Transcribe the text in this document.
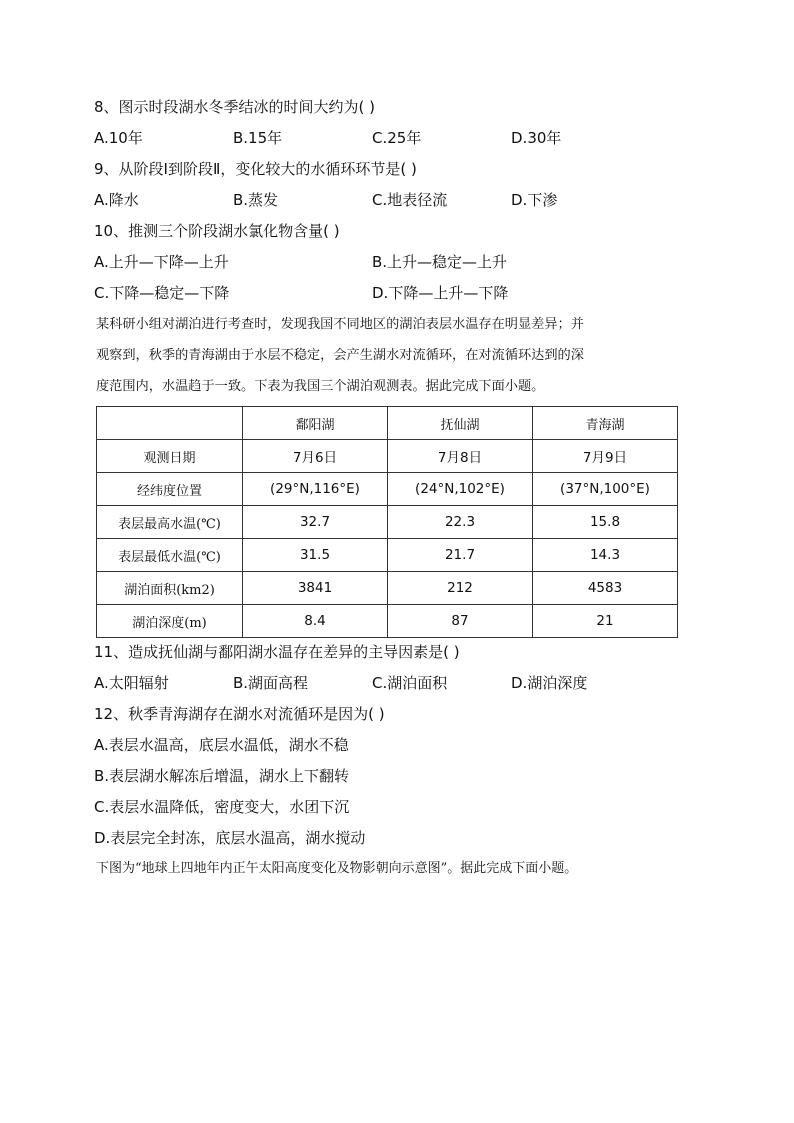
8、图示时段湖水冬季结冰的时间大约为( )
A.10年	B.15年	C.25年	D.30年
9、从阶段Ⅰ到阶段Ⅱ，变化较大的水循环环节是( )
A.降水	B.蒸发	C.地表径流	D.下渗
10、推测三个阶段湖水氯化物含量( )
A.上升—下降—上升	B.上升—稳定—上升
C.下降—稳定—下降	D.下降—上升—下降
某科研小组对湖泊进行考查时，发现我国不同地区的湖泊表层水温存在明显差异；并
观察到，秋季的青海湖由于水层不稳定，会产生湖水对流循环，在对流循环达到的深
度范围内，水温趋于一致。下表为我国三个湖泊观测表。据此完成下面小题。
	鄱阳湖	抚仙湖	青海湖
观测日期	7月6日	7月8日	7月9日
经纬度位置	(29°N,116°E)	(24°N,102°E)	(37°N,100°E)
表层最高水温(℃)	32.7	22.3	15.8
表层最低水温(℃)	31.5	21.7	14.3
湖泊面积(km2)	3841	212	4583
湖泊深度(m)	8.4	87	21
11、造成抚仙湖与鄱阳湖水温存在差异的主导因素是( )
A.太阳辐射	B.湖面高程	C.湖泊面积	D.湖泊深度
12、秋季青海湖存在湖水对流循环是因为( )
A.表层水温高，底层水温低，湖水不稳
B.表层湖水解冻后增温，湖水上下翻转
C.表层水温降低，密度变大，水团下沉
D.表层完全封冻，底层水温高，湖水搅动
下图为“地球上四地年内正午太阳高度变化及物影朝向示意图”。据此完成下面小题。
